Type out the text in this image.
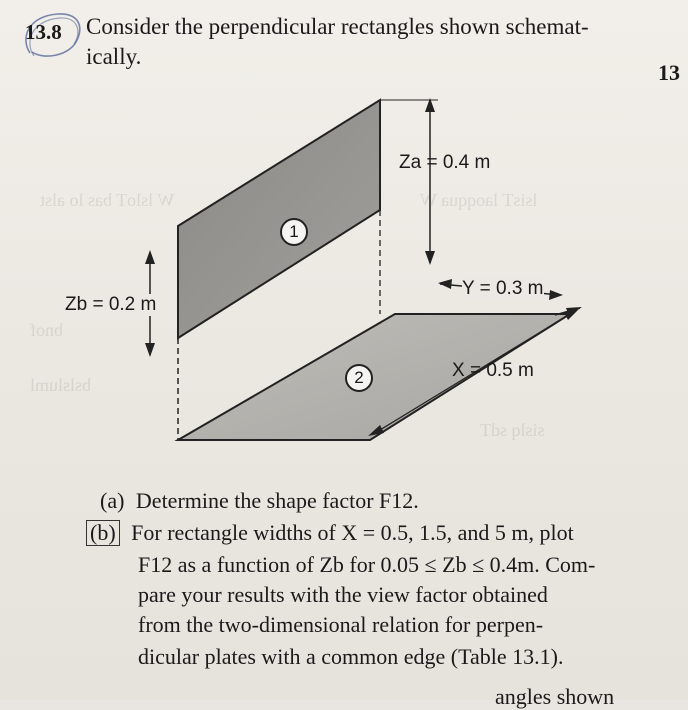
W lsloT bas lo alst	lsisT laoqqua W
bnof
bslsluml
sislq sdT
13.8 Consider the perpendicular rectangles shown schemat-
ically.
13
Za = 0.4 m
Zb = 0.2 m
Y = 0.3 m
X = 0.5 m
1
2
(a) Determine the shape factor F12.
(b) For rectangle widths of X = 0.5, 1.5, and 5 m, plot
F12 as a function of Zb for 0.05 ≤ Zb ≤ 0.4m. Com-
pare your results with the view factor obtained
from the two-dimensional relation for perpen-
dicular plates with a common edge (Table 13.1).
angles shown
